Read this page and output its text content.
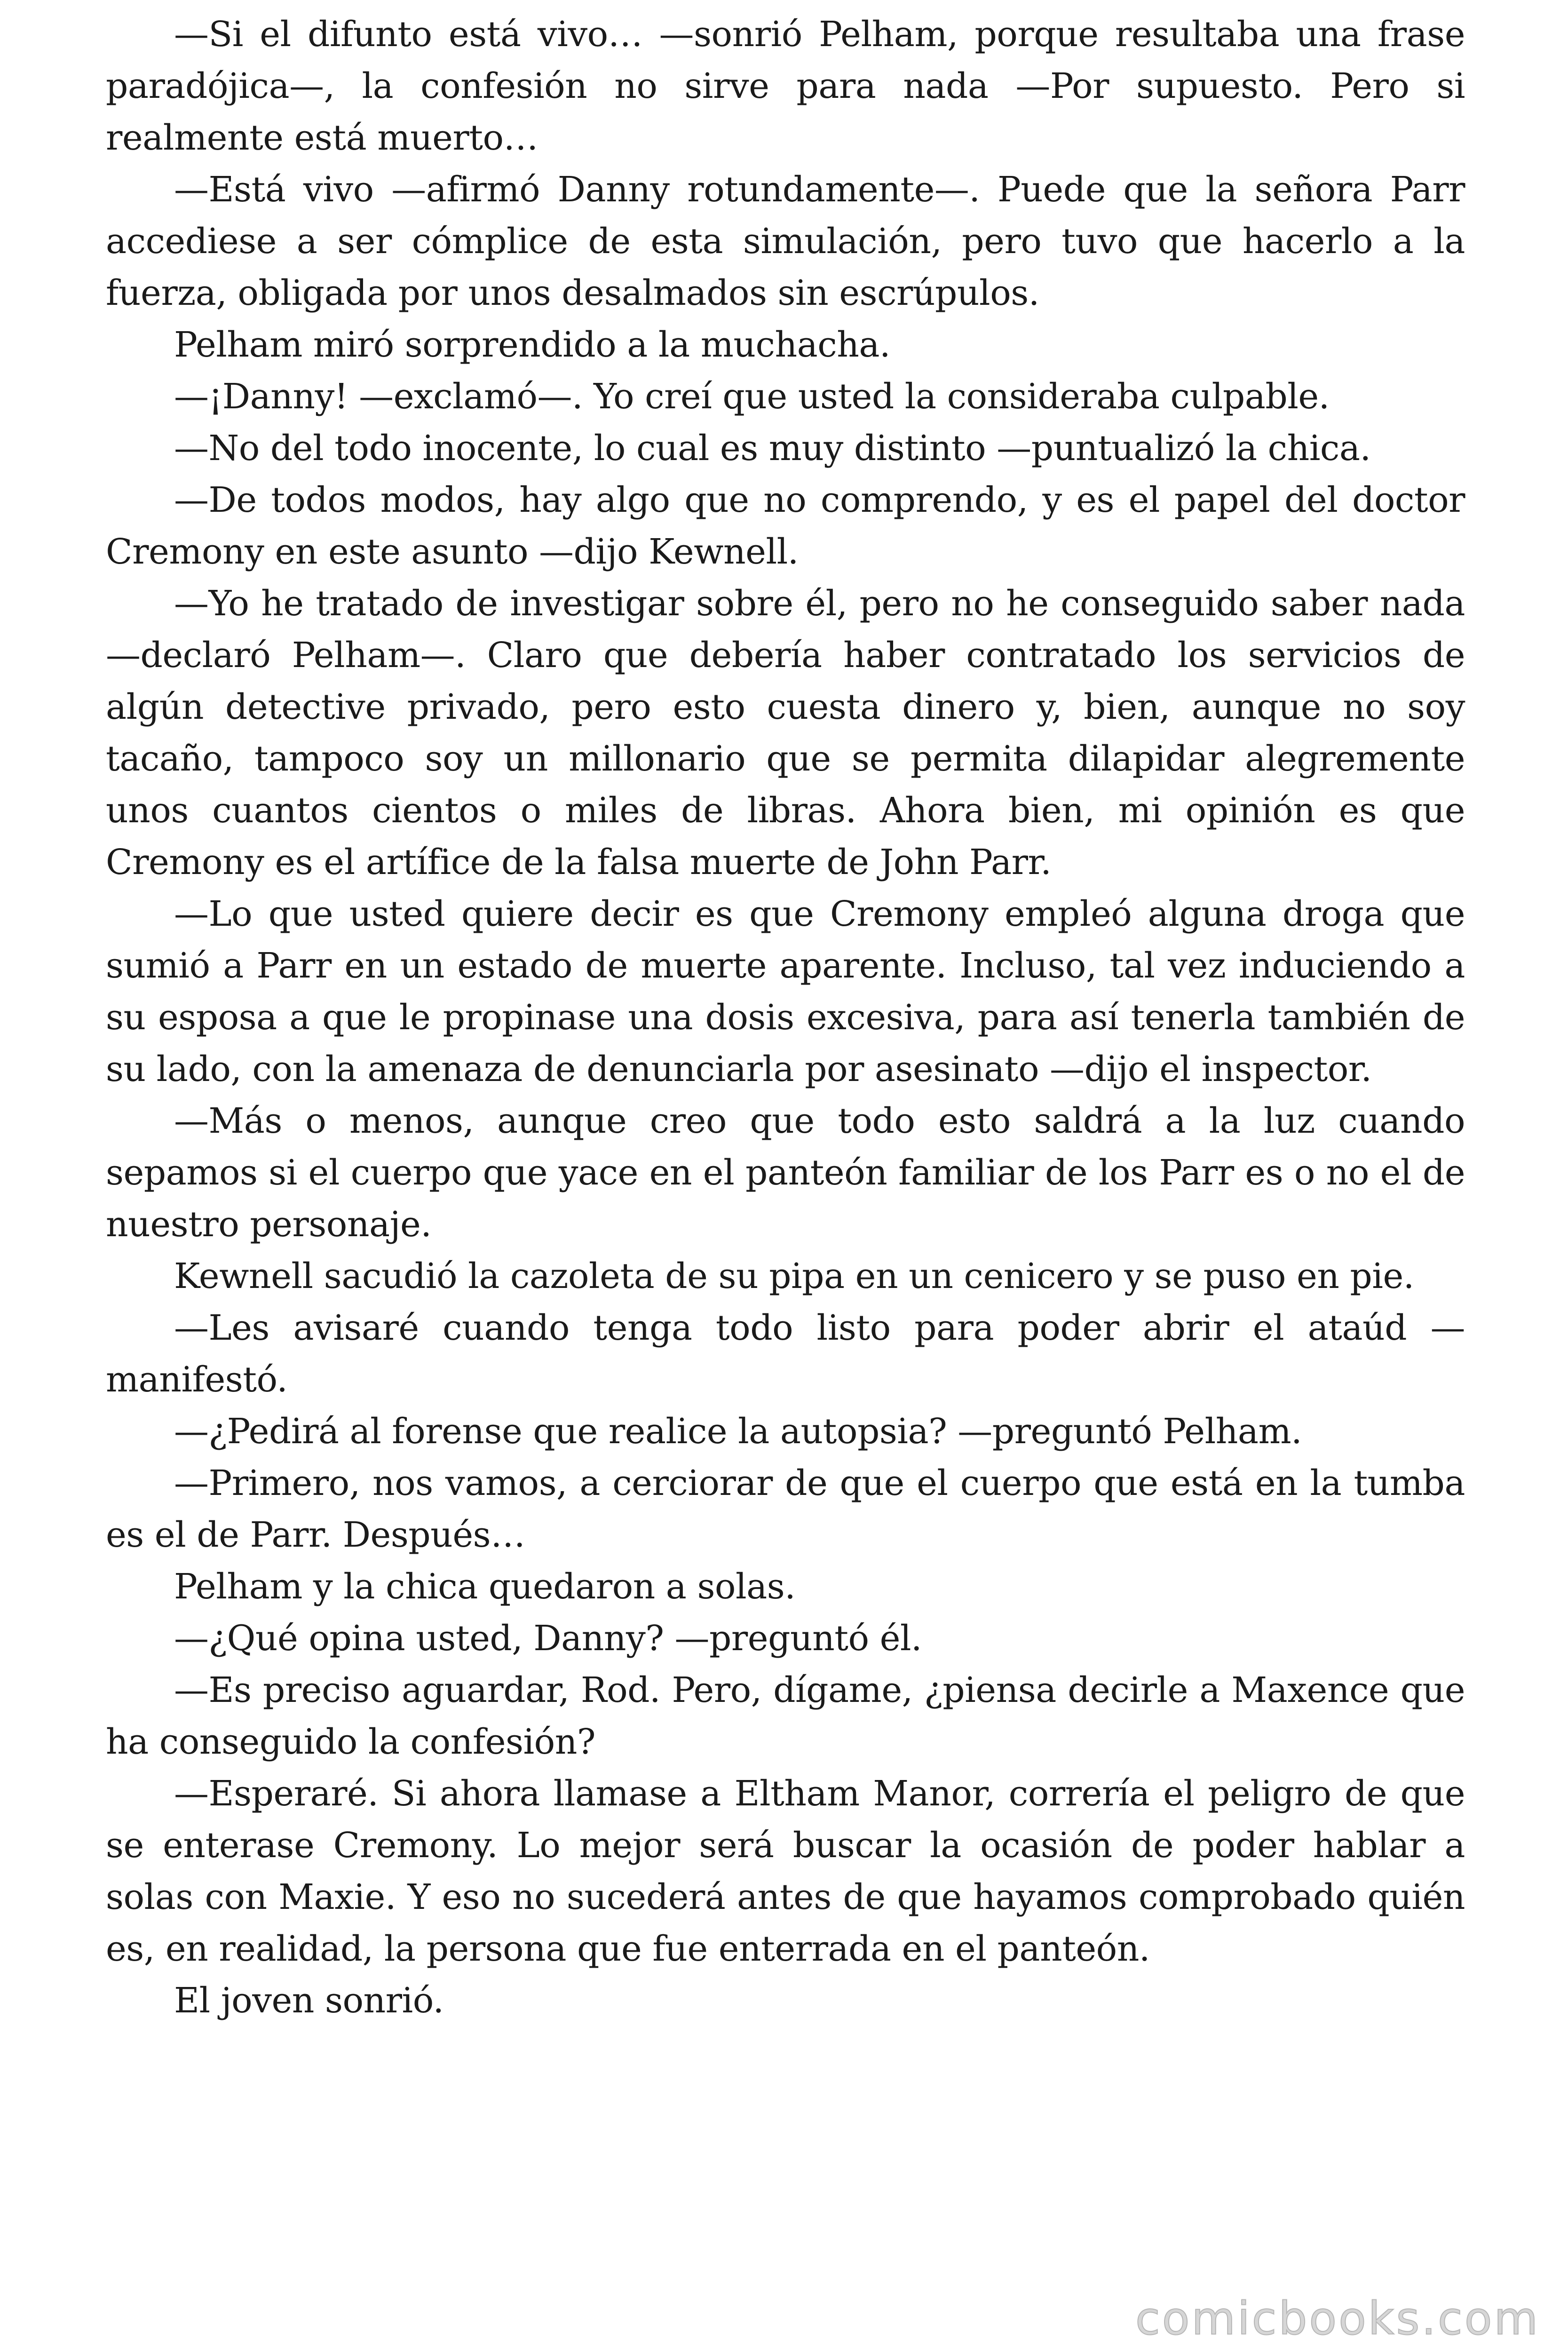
—Si el difunto está vivo… —sonrió Pelham, porque resultaba una frase paradójica—, la confesión no sirve para nada —Por supuesto. Pero si realmente está muerto…

—Está vivo —afirmó Danny rotundamente—. Puede que la señora Parr accediese a ser cómplice de esta simulación, pero tuvo que hacerlo a la fuerza, obligada por unos desalmados sin escrúpulos.

Pelham miró sorprendido a la muchacha.

—¡Danny! —exclamó—. Yo creí que usted la consideraba culpable.

—No del todo inocente, lo cual es muy distinto —puntualizó la chica.

—De todos modos, hay algo que no comprendo, y es el papel del doctor Cremony en este asunto —dijo Kewnell.

—Yo he tratado de investigar sobre él, pero no he conseguido saber nada —declaró Pelham—. Claro que debería haber contratado los servicios de algún detective privado, pero esto cuesta dinero y, bien, aunque no soy tacaño, tampoco soy un millonario que se permita dilapidar alegremente unos cuantos cientos o miles de libras. Ahora bien, mi opinión es que Cremony es el artífice de la falsa muerte de John Parr.

—Lo que usted quiere decir es que Cremony empleó alguna droga que sumió a Parr en un estado de muerte aparente. Incluso, tal vez induciendo a su esposa a que le propinase una dosis excesiva, para así tenerla también de su lado, con la amenaza de denunciarla por asesinato —dijo el inspector.

—Más o menos, aunque creo que todo esto saldrá a la luz cuando sepamos si el cuerpo que yace en el panteón familiar de los Parr es o no el de nuestro personaje.

Kewnell sacudió la cazoleta de su pipa en un cenicero y se puso en pie.

—Les avisaré cuando tenga todo listo para poder abrir el ataúd —manifestó.

—¿Pedirá al forense que realice la autopsia? —preguntó Pelham.

—Primero, nos vamos, a cerciorar de que el cuerpo que está en la tumba es el de Parr. Después…

Pelham y la chica quedaron a solas.

—¿Qué opina usted, Danny? —preguntó él.

—Es preciso aguardar, Rod. Pero, dígame, ¿piensa decirle a Maxence que ha conseguido la confesión?

—Esperaré. Si ahora llamase a Eltham Manor, correría el peligro de que se enterase Cremony. Lo mejor será buscar la ocasión de poder hablar a solas con Maxie. Y eso no sucederá antes de que hayamos comprobado quién es, en realidad, la persona que fue enterrada en el panteón.

El joven sonrió.

comicbooks.com
